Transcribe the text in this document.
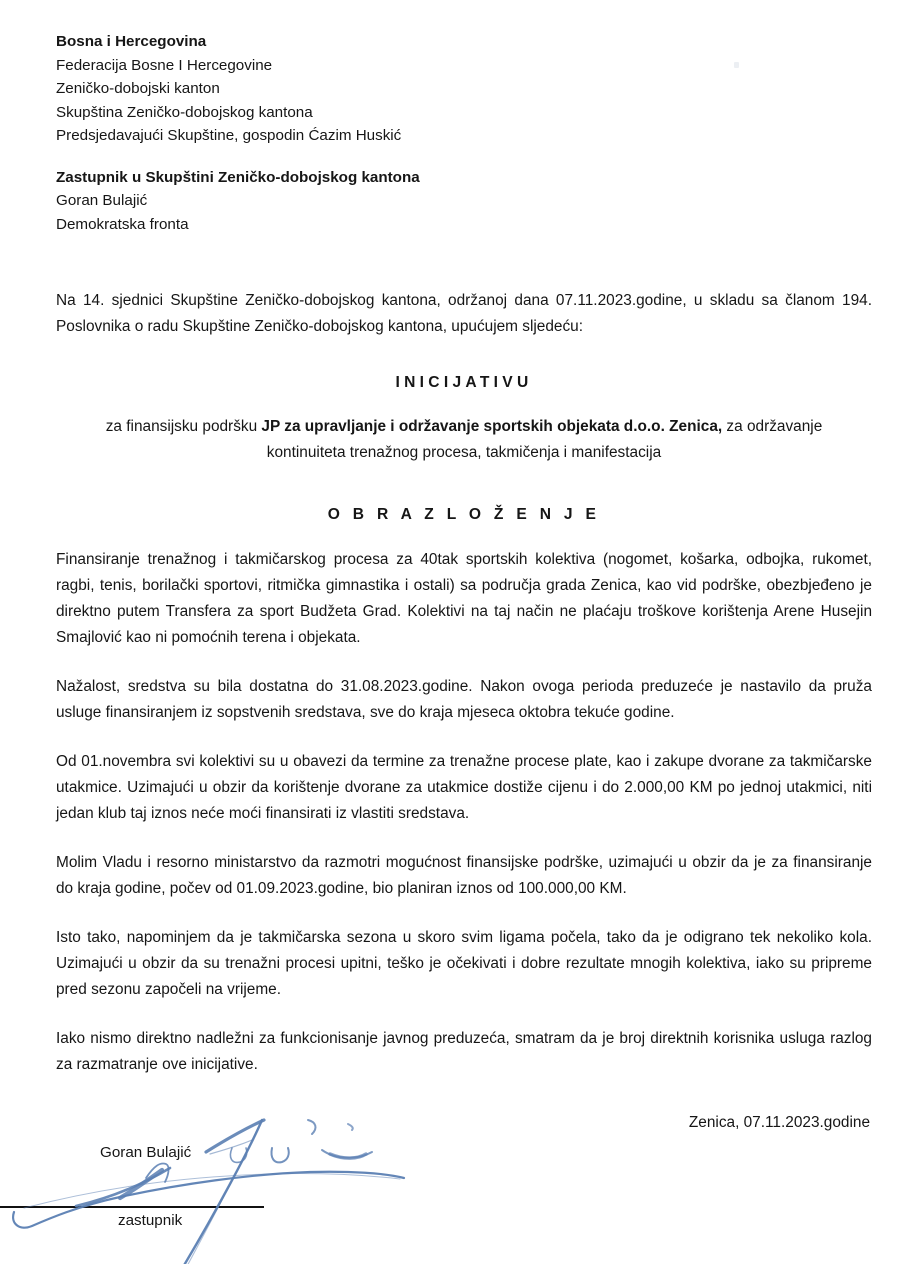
Bosna i Hercegovina
Federacija Bosne I Hercegovine
Zeničko-dobojski kanton
Skupština Zeničko-dobojskog kantona
Predsjedavajući Skupštine, gospodin Ćazim Huskić
Zastupnik u Skupštini Zeničko-dobojskog kantona
Goran Bulajić
Demokratska fronta

Na 14. sjednici Skupštine Zeničko-dobojskog kantona, održanoj dana 07.11.2023.godine, u skladu sa članom 194. Poslovnika o radu Skupštine Zeničko-dobojskog kantona, upućujem sljedeću:

INICIJATIVU
za finansijsku podršku JP za upravljanje i održavanje sportskih objekata d.o.o. Zenica, za održavanje kontinuiteta trenažnog procesa, takmičenja i manifestacija
O B R A Z L O Ž E N J E

Finansiranje trenažnog i takmičarskog procesa za 40tak sportskih kolektiva (nogomet, košarka, odbojka, rukomet, ragbi, tenis, borilački sportovi, ritmička gimnastika i ostali) sa područja grada Zenica, kao vid podrške, obezbjeđeno je direktno putem Transfera za sport Budžeta Grad. Kolektivi na taj način ne plaćaju troškove korištenja Arene Husejin Smajlović kao ni pomoćnih terena i objekata.

Nažalost, sredstva su bila dostatna do 31.08.2023.godine. Nakon ovoga perioda preduzeće je nastavilo da pruža usluge finansiranjem iz sopstvenih sredstava, sve do kraja mjeseca oktobra tekuće godine.

Od 01.novembra svi kolektivi su u obavezi da termine za trenažne procese plate, kao i zakupe dvorane za takmičarske utakmice. Uzimajući u obzir da korištenje dvorane za utakmice dostiže cijenu i do 2.000,00 KM po jednoj utakmici, niti jedan klub taj iznos neće moći finansirati iz vlastiti sredstava.

Molim Vladu i resorno ministarstvo da razmotri mogućnost finansijske podrške, uzimajući u obzir da je za finansiranje do kraja godine, počev od 01.09.2023.godine, bio planiran iznos od 100.000,00 KM.

Isto tako, napominjem da je takmičarska sezona u skoro svim ligama počela, tako da je odigrano tek nekoliko kola. Uzimajući u obzir da su trenažni procesi upitni, teško je očekivati i dobre rezultate mnogih kolektiva, iako su pripreme pred sezonu započeli na vrijeme.

Iako nismo direktno nadležni za funkcionisanje javnog preduzeća, smatram da je broj direktnih korisnika usluga razlog za razmatranje ove inicijative.

Zenica, 07.11.2023.godine
Goran Bulajić
zastupnik
